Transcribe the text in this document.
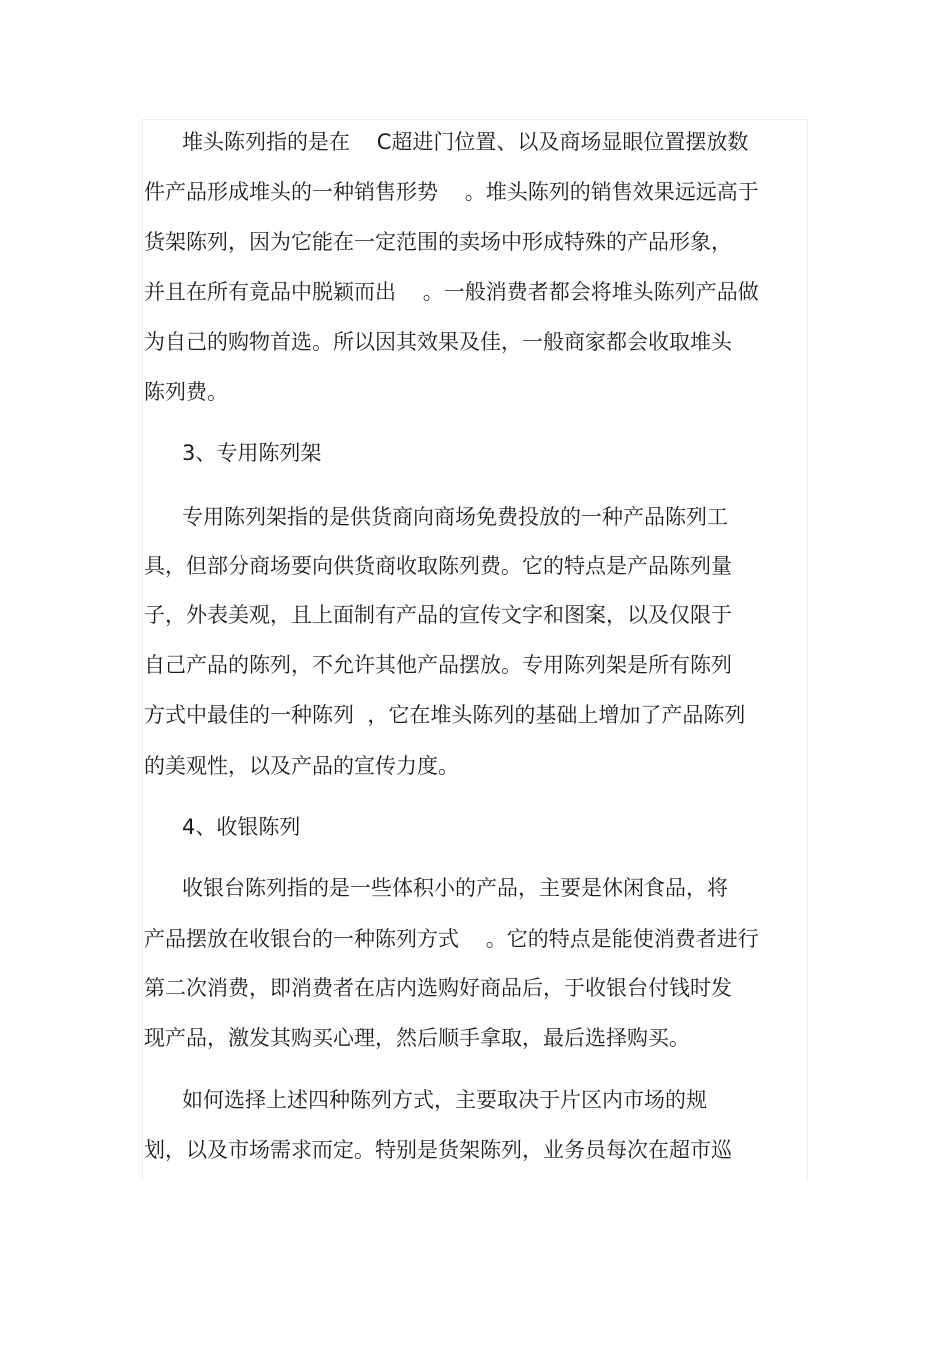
堆头陈列指的是在    C超进门位置、以及商场显眼位置摆放数
件产品形成堆头的一种销售形势    。堆头陈列的销售效果远远高于
货架陈列，因为它能在一定范围的卖场中形成特殊的产品形象，
并且在所有竟品中脱颖而出    。一般消费者都会将堆头陈列产品做
为自己的购物首选。所以因其效果及佳，一般商家都会收取堆头
陈列费。
3、专用陈列架
专用陈列架指的是供货商向商场免费投放的一种产品陈列工
具，但部分商场要向供货商收取陈列费。它的特点是产品陈列量
子，外表美观，且上面制有产品的宣传文字和图案，以及仅限于
自己产品的陈列，不允许其他产品摆放。专用陈列架是所有陈列
方式中最佳的一种陈列  ，它在堆头陈列的基础上增加了产品陈列
的美观性，以及产品的宣传力度。
4、收银陈列
收银台陈列指的是一些体积小的产品，主要是休闲食品，将
产品摆放在收银台的一种陈列方式    。它的特点是能使消费者进行
第二次消费，即消费者在店内选购好商品后，于收银台付钱时发
现产品，激发其购买心理，然后顺手拿取，最后选择购买。
如何选择上述四种陈列方式，主要取决于片区内市场的规
划，以及市场需求而定。特别是货架陈列，业务员每次在超市巡
